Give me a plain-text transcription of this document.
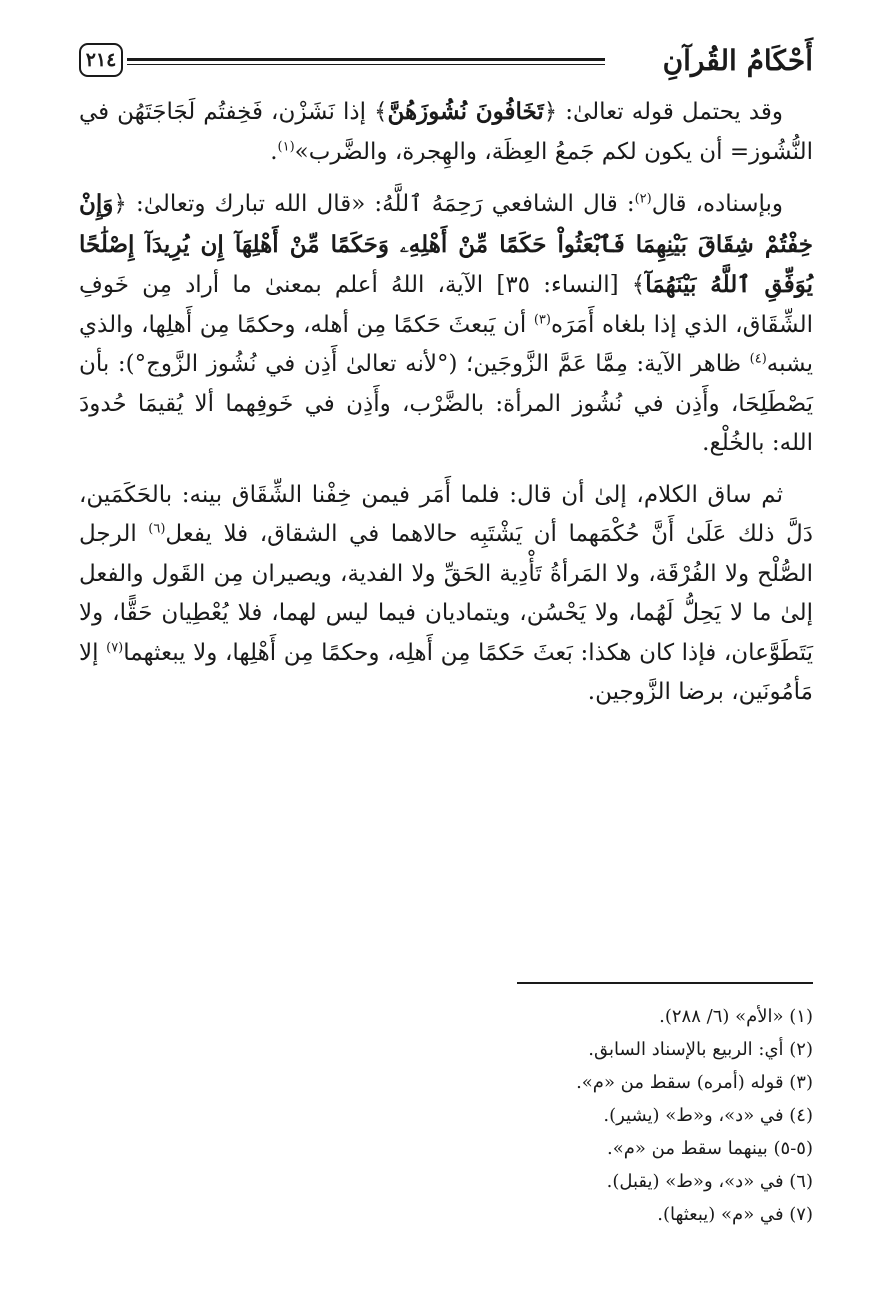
أَحْكَامُ القُرآنِ
٢١٤

وقد يحتمل قوله تعالىٰ: ﴿تَخَافُونَ نُشُوزَهُنَّ﴾ إذا نَشَزْن، فَخِفتُم لَجَاجَتَهُن في النُّشُوز= أن يكون لكم جَمعُ العِظَة، والهِجرة، والضَّرب»$^{(١)}$.

وبإسناده، قال$^{(٢)}$: قال الشافعي رَحِمَهُ ٱللَّهُ: «قال الله تبارك وتعالىٰ: ﴿وَإِنْ خِفْتُمْ شِقَاقَ بَيْنِهِمَا فَٱبْعَثُواْ حَكَمًا مِّنْ أَهْلِهِۦ وَحَكَمًا مِّنْ أَهْلِهَآ إِن يُرِيدَآ إِصْلَٰحًا يُوَفِّقِ ٱللَّهُ بَيْنَهُمَآ﴾ [النساء: ٣٥] الآية، اللهُ أعلم بمعنىٰ ما أراد مِن خَوفِ الشِّقَاق، الذي إذا بلغاه أَمَرَه$^{(٣)}$ أن يَبعثَ حَكمًا مِن أهله، وحكمًا مِن أَهلِها، والذي يشبه$^{(٤)}$ ظاهر الآية: مِمَّا عَمَّ الزَّوجَين؛ (°لأنه تعالىٰ أَذِن في نُشُوز الزَّوج°): بأن يَصْطَلِحَا، وأَذِن في نُشُوز المرأة: بالضَّرْب، وأَذِن في خَوفِهما ألا يُقيمَا حُدودَ الله: بالخُلْع.

ثم ساق الكلام، إلىٰ أن قال: فلما أَمَر فيمن خِفْنا الشِّقَاق بينه: بالحَكَمَين، دَلَّ ذلك عَلَىٰ أَنَّ حُكْمَهما أن يَشْتَبِه حالاهما في الشقاق، فلا يفعل$^{(٦)}$ الرجل الصُّلْح ولا الفُرْقَة، ولا المَرأةُ تَأْدِية الحَقِّ ولا الفدية، ويصيران مِن القَول والفعل إلىٰ ما لا يَحِلُّ لَهُما، ولا يَحْسُن، ويتماديان فيما ليس لهما، فلا يُعْطِيان حَقًّا، ولا يَتَطَوَّعان، فإذا كان هكذا: بَعثَ حَكمًا مِن أَهلِه، وحكمًا مِن أَهْلِها، ولا يبعثهما$^{(٧)}$ إلا مَأمُونَين، برضا الزَّوجين.

(١) «الأم» (٦/ ٢٨٨).
(٢) أي: الربيع بالإسناد السابق.
(٣) قوله (أمره) سقط من «م».
(٤) في «د»، و«ط» (يشير).
(٥-٥) بينهما سقط من «م».
(٦) في «د»، و«ط» (يقبل).
(٧) في «م» (يبعثها).
